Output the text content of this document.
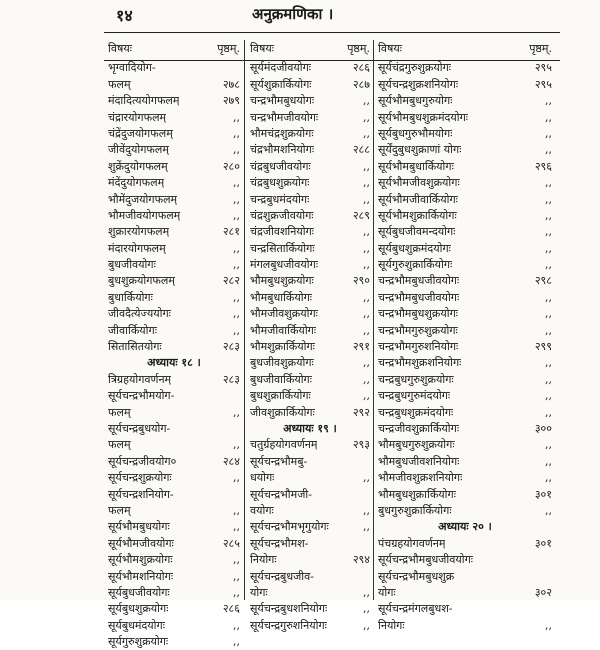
१४	अनुक्रमणिका ।
विषयः	पृष्ठम्.
भृग्वादियोग-
फलम्	२७८
मंदादित्ययोगफलम्	२७९
चंद्रारयोगफलम्	,,
चंद्रेंदुजयोगफलम्	,,
जीवेंदुयोगफलम्	,,
शुक्रेंदुयोगफलम्	२८०
मंदेंदुयोगफलम्	,,
भौमेंदुजयोगफलम्	,,
भौमजीवयोगफलम्	,,
शुक्रारयोगफलम्	२८१
मंदारयोगफलम्	,,
बुधजीवयोगः	,,
बुधशुक्रयोगफलम्	२८२
बुधार्कियोगः	,,
जीवदैत्येज्ययोगः	,,
जीवार्कियोगः	,,
सितासितयोगः	२८३
अध्यायः १८ ।
त्रिग्रहयोगवर्णनम्	२८३
सूर्यचन्द्रभौमयोग-
फलम्	,,
सूर्यचन्द्रबुधयोग-
फलम्	,,
सूर्यचन्द्रजीवयोग०	२८४
सूर्यचन्द्रशुक्रयोगः	,,
सूर्यचन्द्रशनियोग-
फलम्	,,
सूर्यभौमबुधयोगः	,,
सूर्यभौमजीवयोगः	२८५
सूर्यभौमशुक्रयोगः	,,
सूर्यभौमशनियोगः	,,
सूर्यबुधजीवयोगः	,,
सूर्यबुधशुक्रयोगः	२८६
सूर्यबुधमंदयोगः	,,
सूर्यगुरुशुक्रयोगः	,,
विषयः	पृष्ठम्.
सूर्यमंदजीवयोगः	२८६
सूर्यशुक्रार्कियोगः	२८७
चन्द्रभौमबुधयोगः	,,
चन्द्रभौमजीवयोगः	,,
भौमचंद्रशुक्रयोगः	,,
चंद्रभौमशनियोगः	२८८
चंद्रबुधजीवयोगः	,,
चंद्रबुधशुक्रयोगः	,,
चन्द्रबुधमंदयोगः	,,
चंद्रशुक्रजीवयोगः	२८९
चंद्रजीवशनियोगः	,,
चन्द्रसितार्कियोगः	,,
मंगलबुधजीवयोगः	,,
भौमबुधशुक्रयोगः	२९०
भौमबुधार्कियोगः	,,
भौमजीवशुक्रयोगः	,,
भौमजीवार्कियोगः	,,
भौमशुक्रार्कियोगः	२९१
बुधजीवशुक्रयोगः	,,
बुधजीवार्कियोगः	,,
बुधशुक्रार्कियोगः	,,
जीवशुक्रार्कियोगः	२९२
अध्यायः १९ ।
चतुर्ग्रहयोगवर्णनम्	२९३
सूर्यचन्द्रभौमबु-
धयोगः	,,
सूर्यचन्द्रभौमजी-
वयोगः	,,
सूर्यचन्द्रभौमभृगुयोगः	,,
सूर्यचन्द्रभौमश-
नियोगः	२९४
सूर्यचन्द्रबुधजीव-
योगः	,,
सूर्यचन्द्रबुधशनियोगः	,,
सूर्यचन्द्रगुरुशनियोगः	,,
विषयः	पृष्ठम्.
सूर्यचंद्रगुरुशुक्रयोगः	२९५
सूर्यचन्द्रशुक्रशनियोगः	२९५
सूर्यभौमबुधगुरुयोगः	,,
सूर्यभौमबुधशुक्रमंदयोगः	,,
सूर्यबुधगुरुभौमयोगः	,,
सूर्येंदुबुधशुक्राणां योगः	,,
सूर्यभौमबुधार्कियोगः	२९६
सूर्यभौमजीवशुक्रयोगः	,,
सूर्यभौमजीवार्कियोगः	,,
सूर्यभौमशुक्रार्कियोगः	,,
सूर्यबुधजीवमन्दयोगः	,,
सूर्यबुधशुक्रमंदयोगः	,,
सूर्यगुरुशुक्रार्कियोगः	,,
चन्द्रभौमबुधजीवयोगः	२९८
चन्द्रभौमबुधजीवयोगः	,,
चन्द्रभौमबुधशुक्रयोगः	,,
चन्द्रभौमगुरुशुक्रयोगः	,,
चन्द्रभौमगुरुशनियोगः	२९९
चन्द्रभौमशुक्रशनियोगः	,,
चन्द्रबुधगुरुशुक्रयोगः	,,
चन्द्रबुधगुरुमंदयोगः	,,
चन्द्रबुधशुक्रमंदयोगः	,,
चन्द्रजीवशुक्रार्कियोगः	३००
भौमबुधगुरुशुक्रयोगः	,,
भौमबुधजीवशनियोगः	,,
भौमजीवशुक्रशनियोगः	,,
भौमबुधशुक्रार्कियोगः	३०१
बुधगुरुशुक्रार्कियोगः	,,
अध्यायः २० ।
पंचग्रहयोगवर्णनम्	३०१
सूर्यचन्द्रभौमबुधजीवयोगः
सूर्यचन्द्रभौमबुधशुक्र
योगः	३०२
सूर्यचन्द्रमंगलबुधश-
नियोगः	,,
